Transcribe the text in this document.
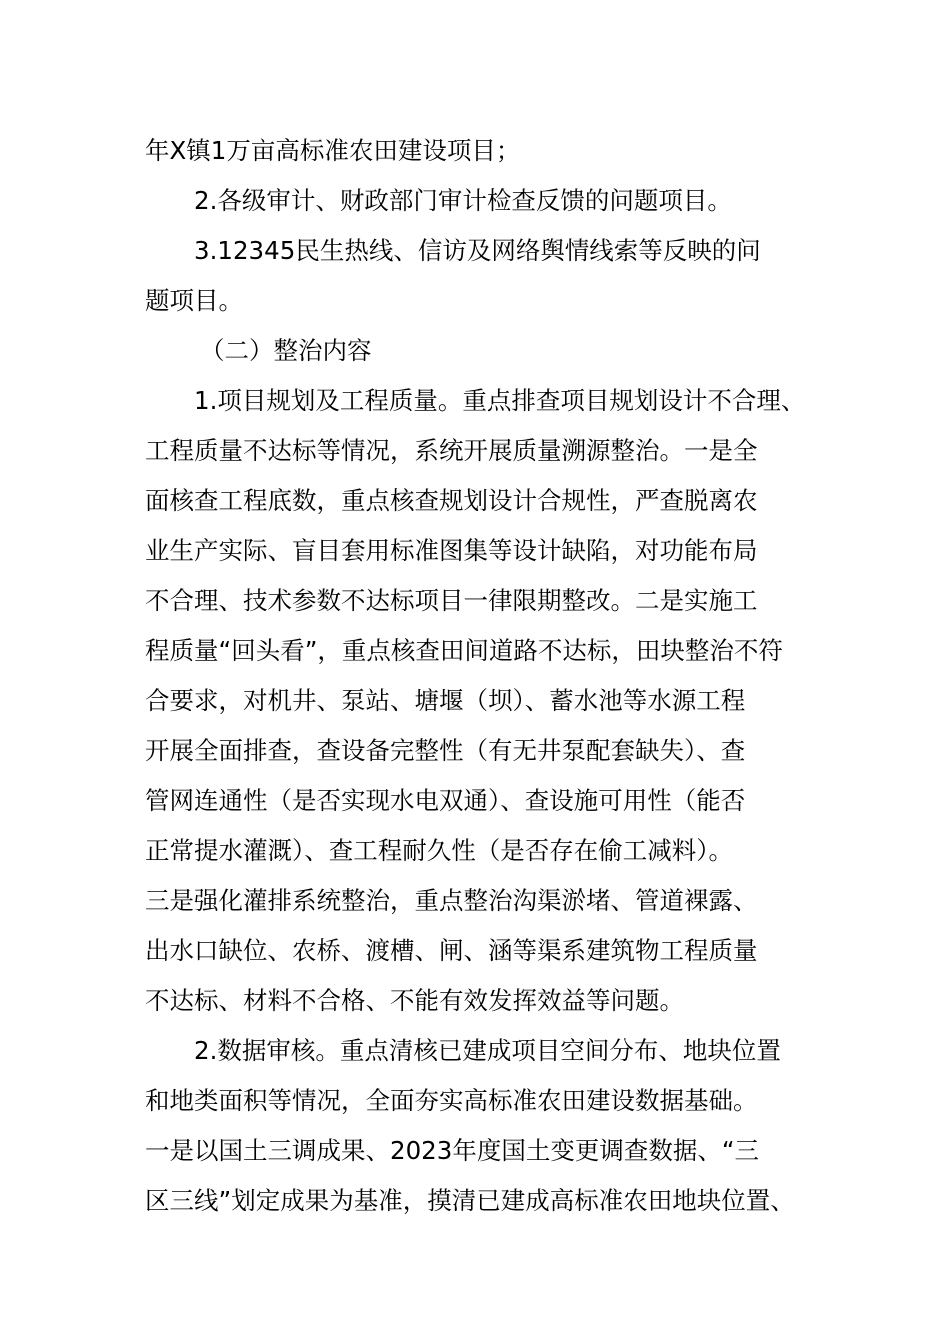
年X镇1万亩高标准农田建设项目；
2.各级审计、财政部门审计检查反馈的问题项目。
3.12345民生热线、信访及网络舆情线索等反映的问
题项目。
（二）整治内容
1.项目规划及工程质量。重点排查项目规划设计不合理、
工程质量不达标等情况，系统开展质量溯源整治。一是全
面核查工程底数，重点核查规划设计合规性，严查脱离农
业生产实际、盲目套用标准图集等设计缺陷，对功能布局
不合理、技术参数不达标项目一律限期整改。二是实施工
程质量“回头看”，重点核查田间道路不达标，田块整治不符
合要求，对机井、泵站、塘堰（坝）、蓄水池等水源工程
开展全面排查，查设备完整性（有无井泵配套缺失）、查
管网连通性（是否实现水电双通）、查设施可用性（能否
正常提水灌溉）、查工程耐久性（是否存在偷工减料）。
三是强化灌排系统整治，重点整治沟渠淤堵、管道裸露、
出水口缺位、农桥、渡槽、闸、涵等渠系建筑物工程质量
不达标、材料不合格、不能有效发挥效益等问题。
2.数据审核。重点清核已建成项目空间分布、地块位置
和地类面积等情况，全面夯实高标准农田建设数据基础。
一是以国土三调成果、2023年度国土变更调查数据、“三
区三线”划定成果为基准，摸清已建成高标准农田地块位置、
